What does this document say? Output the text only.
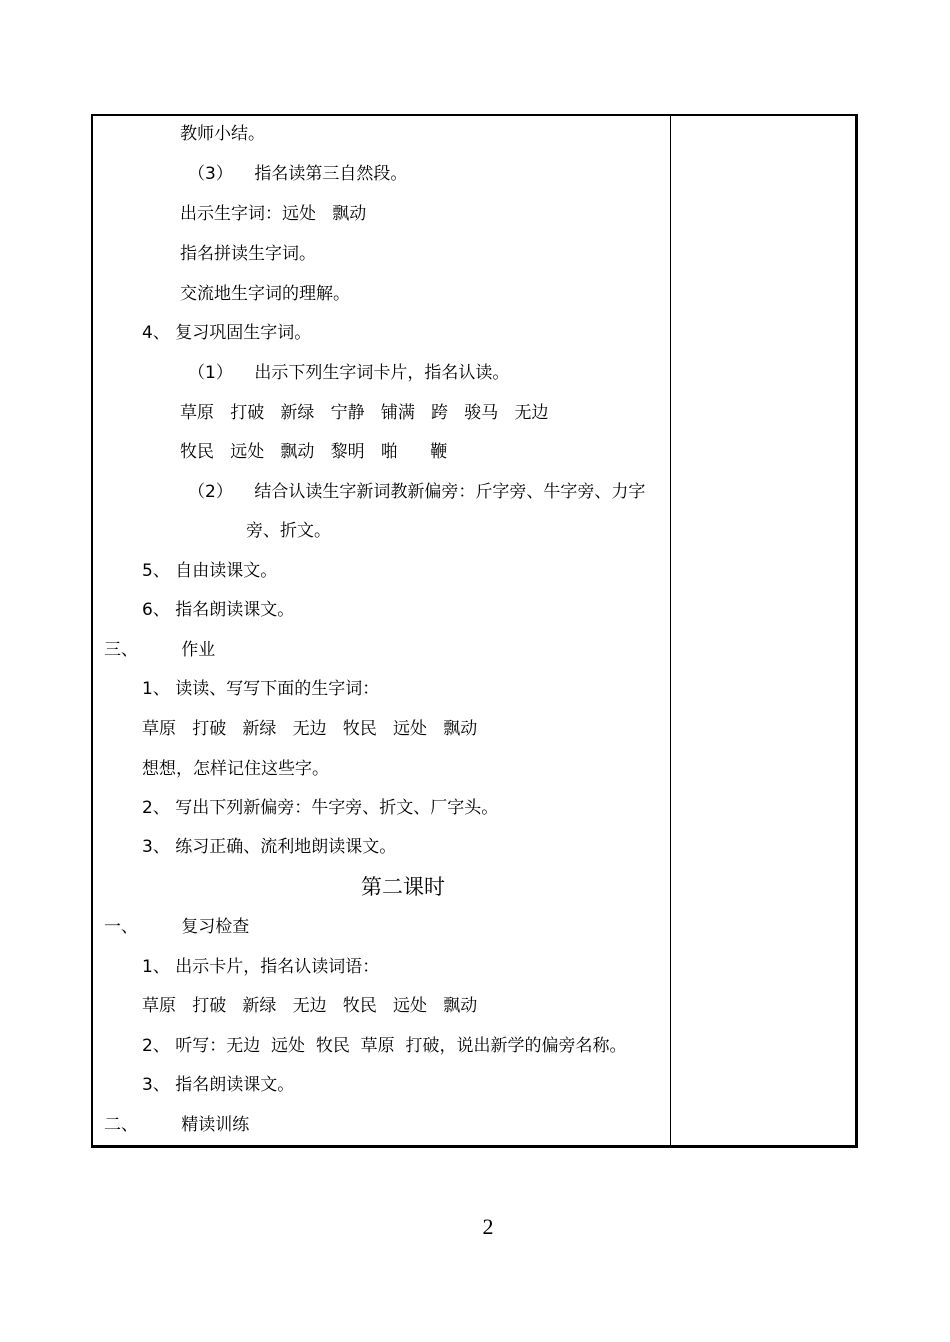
教师小结。
（3）    指名读第三自然段。
出示生字词：远处   飘动
指名拼读生字词。
交流地生字词的理解。
4、 复习巩固生字词。
（1）    出示下列生字词卡片，指名认读。
草原   打破   新绿   宁静   铺满   跨   骏马   无边
牧民   远处   飘动   黎明   啪      鞭
（2）    结合认读生字新词教新偏旁：斤字旁、牛字旁、力字
旁、折文。
5、 自由读课文。
6、 指名朗读课文。
三、        作业
1、 读读、写写下面的生字词：
草原   打破   新绿   无边   牧民   远处   飘动
想想，怎样记住这些字。
2、 写出下列新偏旁：牛字旁、折文、厂字头。
3、 练习正确、流利地朗读课文。
第二课时
一、        复习检查
1、 出示卡片，指名认读词语：
草原   打破   新绿   无边   牧民   远处   飘动
2、 听写：无边  远处  牧民  草原  打破，说出新学的偏旁名称。
3、 指名朗读课文。
二、        精读训练
2
